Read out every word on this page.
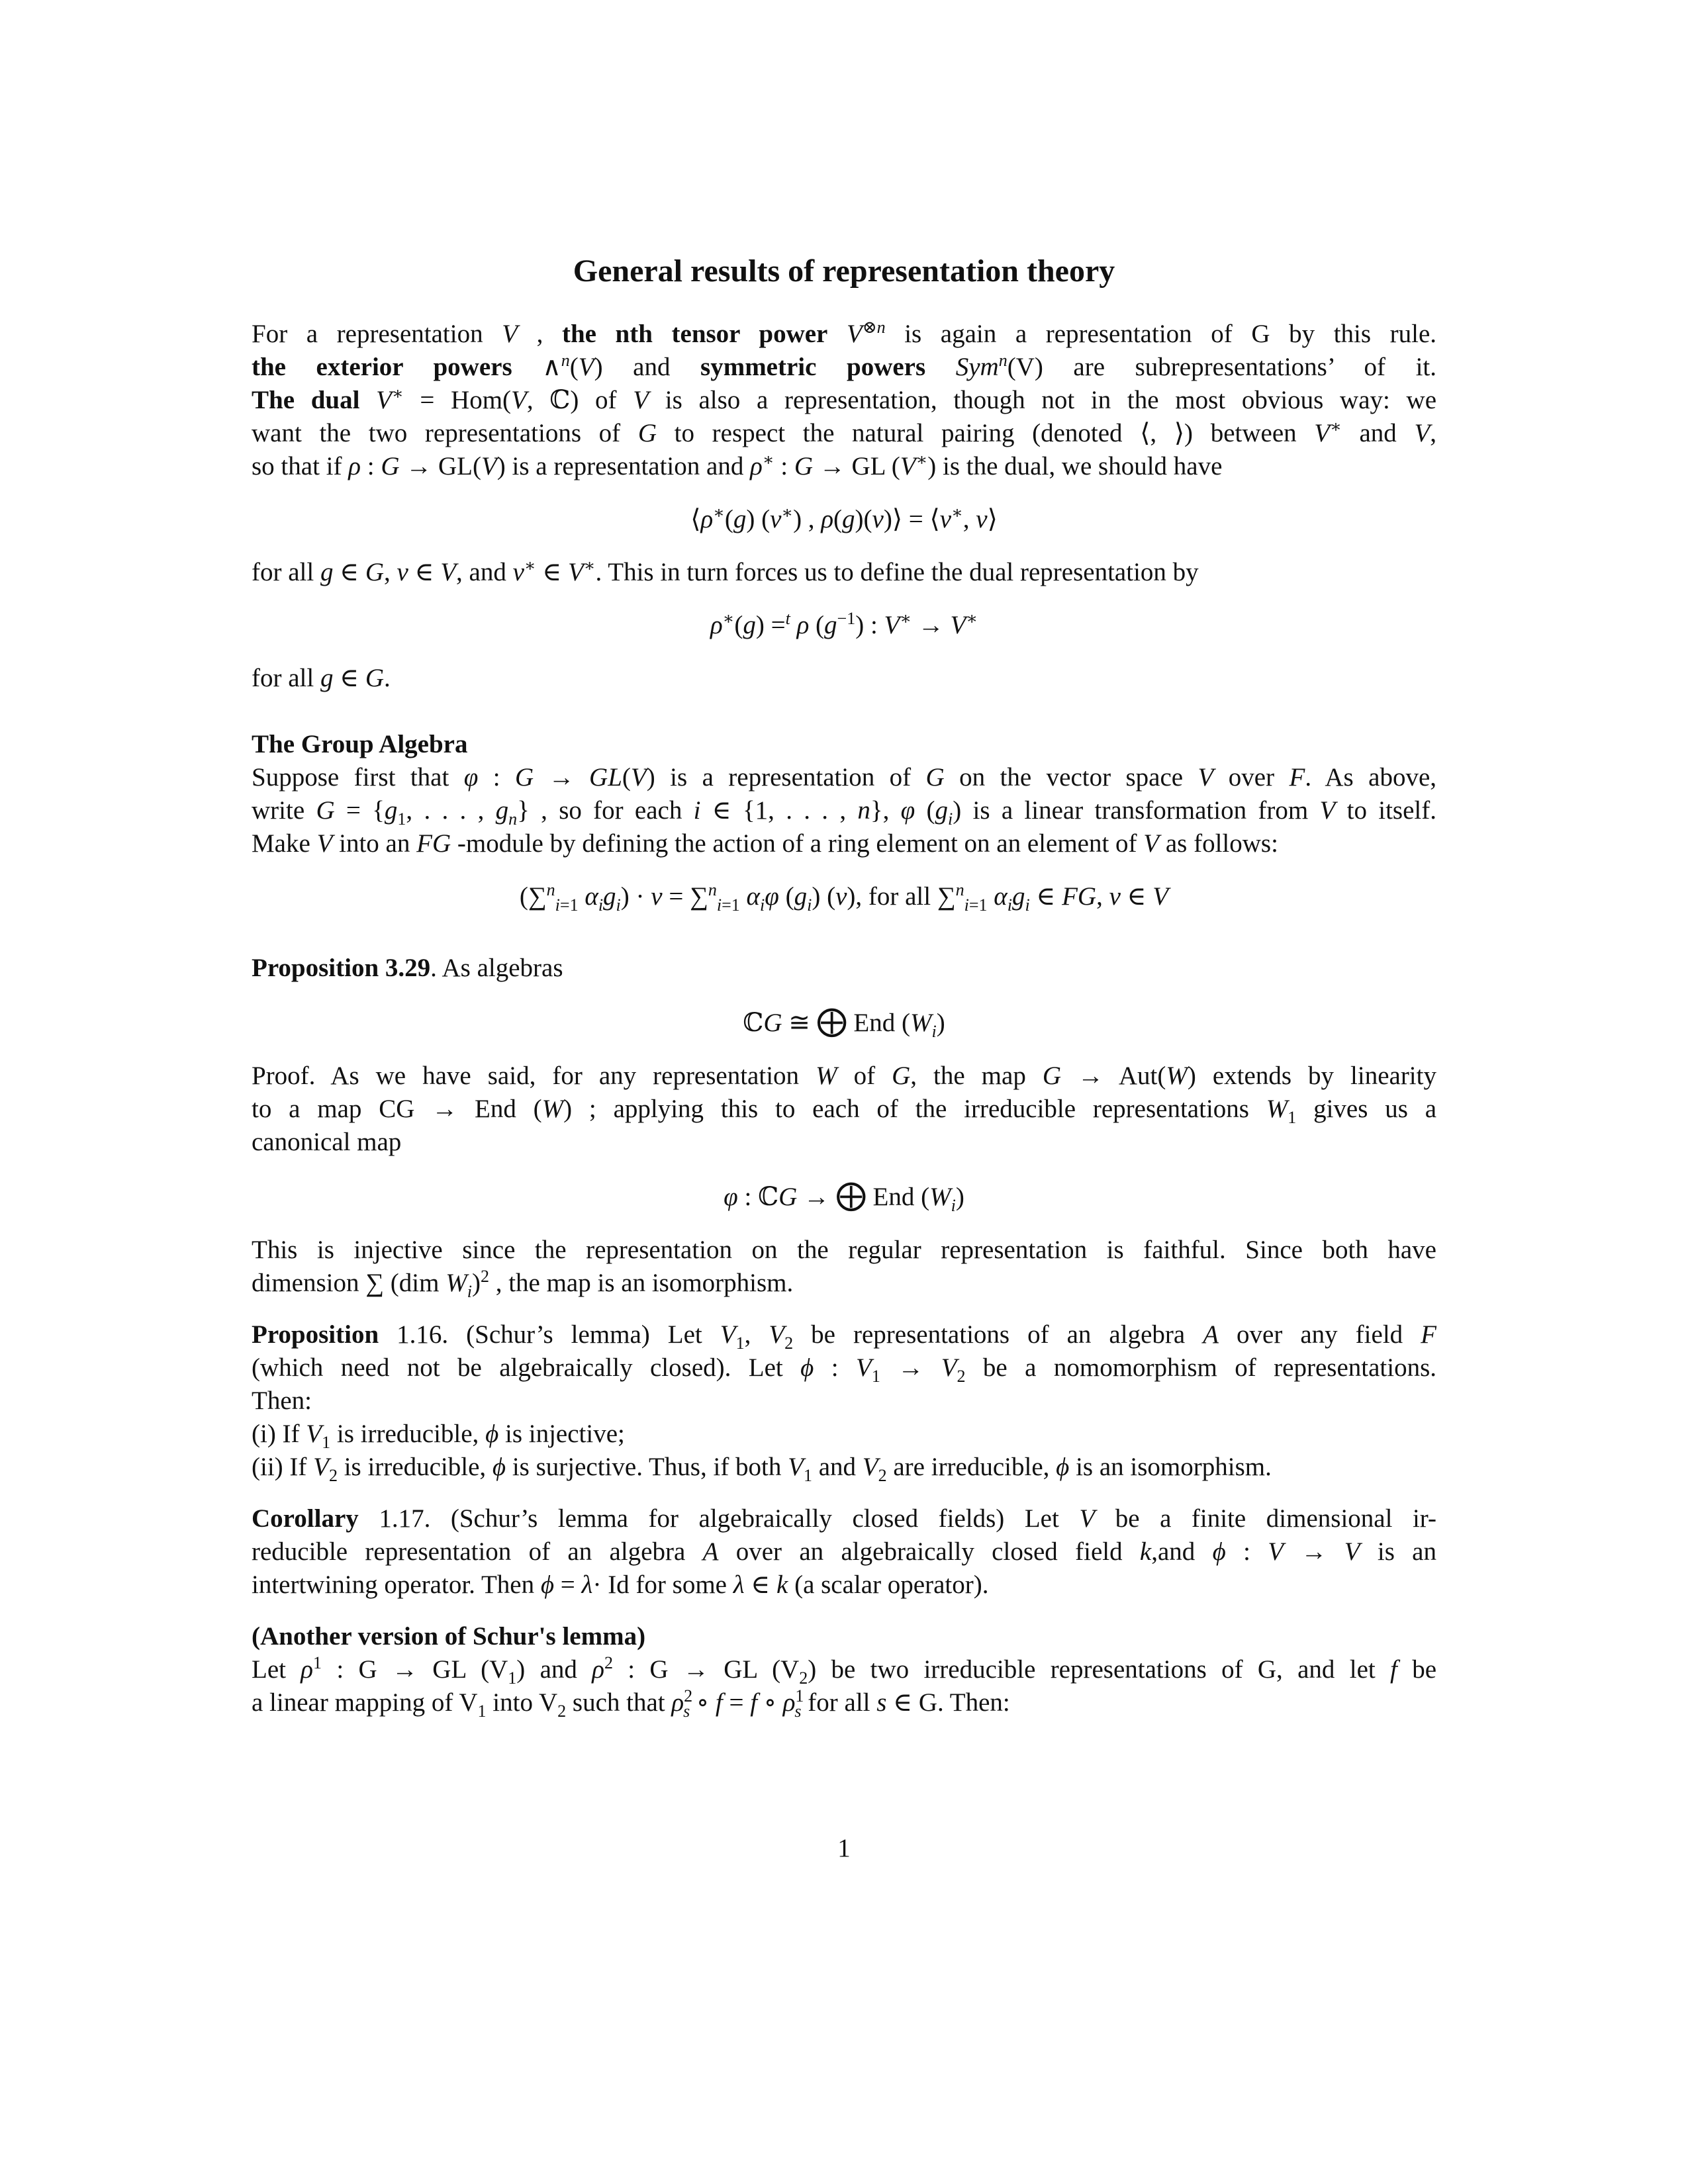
General results of representation theory

For a representation V , the nth tensor power $V^{\otimes n}$ is again a representation of G by this rule.
the exterior powers ∧$^n$(V) and symmetric powers Sym$^n$(V) are subrepresentations’ of it.
The dual V∗ = Hom(V, ℂ) of V is also a representation, though not in the most obvious way: we
want the two representations of G to respect the natural pairing (denoted ⟨, ⟩) between V∗ and V,
so that if ρ : G → GL(V) is a representation and ρ∗ : G → GL (V∗) is the dual, we should have

⟨ρ∗(g) (v∗) , ρ(g)(v)⟩ = ⟨v∗, v⟩

for all g ∈ G, v ∈ V, and v∗ ∈ V∗. This in turn forces us to define the dual representation by

ρ∗(g) =$^t$ ρ $(g^{-1})$ : V∗ → V∗

for all g ∈ G.

The Group Algebra
Suppose first that φ : G → GL(V) is a representation of G on the vector space V over F. As above,
write $G = \{g_1$, . . . , $g_n$} , so for each i ∈ {1, . . . , n}, φ $(g_i)$ is a linear transformation from V to itself.
Make V into an FG -module by defining the action of a ring element on an element of V as follows:

(∑$^n_{i=1}$ $\alpha_ig_i) \cdot v = \sum^n_{i=1}$ $\alpha_i\varphi$ $(g_i)$ (v), for all ∑$^n_{i=1}$ $\alpha_ig_i$ ∈ FG, v ∈ V

Proposition 3.29. As algebras

ℂG ≅ ⨁ End $(W_i)$

Proof. As we have said, for any representation W of G, the map G → Aut(W) extends by linearity
to a map CG → End (W) ; applying this to each of the irreducible representations $W_1$ gives us a
canonical map

φ : ℂG → ⨁ End $(W_i)$

This is injective since the representation on the regular representation is faithful. Since both have
dimension ∑ (dim $W_i)^2$ , the map is an isomorphism.

Proposition 1.16. (Schur’s lemma) Let $V_1$, $V_2$ be representations of an algebra A over any field F
(which need not be algebraically closed). Let ϕ : $V_1 \to V_2$ be a nomomorphism of representations.
Then:
(i) If $V_1$ is irreducible, ϕ is injective;
(ii) If $V_2$ is irreducible, ϕ is surjective. Thus, if both $V_1$ and $V_2$ are irreducible, ϕ is an isomorphism.

Corollary 1.17. (Schur’s lemma for algebraically closed fields) Let V be a finite dimensional ir-
reducible representation of an algebra A over an algebraically closed field k,and ϕ : V → V is an
intertwining operator. Then ϕ = λ· Id for some λ ∈ k (a scalar operator).

(Another version of Schur's lemma)
Let $\rho^1$ : G → GL $(V_1)$ and $\rho^2$ : G → GL $(V_2)$ be two irreducible representations of G, and let f be
a linear mapping of $V_1$ into $V_2$ such that $\rho^2_s$ ∘ f = f ∘ $\rho^1_s$ for all s ∈ G. Then:

1
